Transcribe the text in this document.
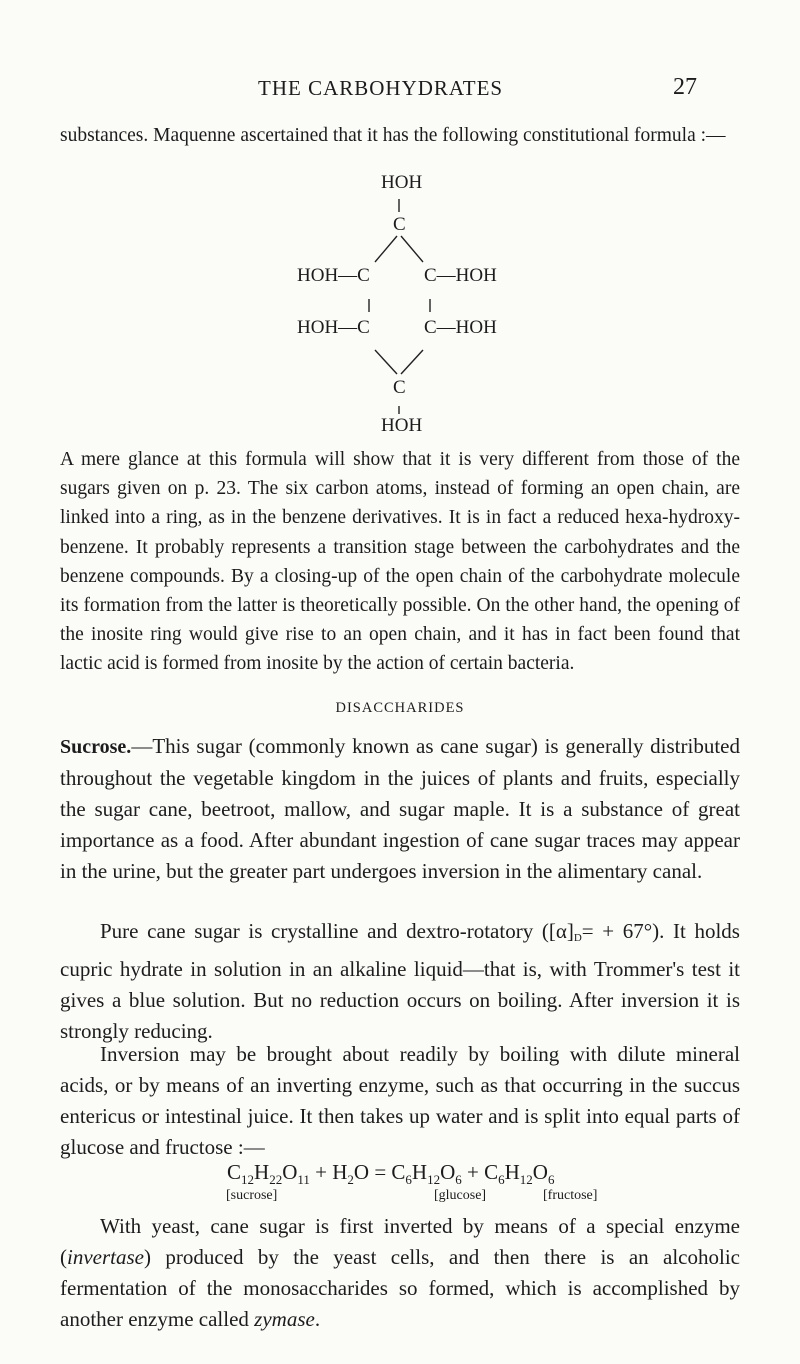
THE CARBOHYDRATES	27
substances. Maquenne ascertained that it has the following constitutional formula :—
HOH
C
HOH—C	C—HOH
HOH—C	C—HOH
C
HOH
A mere glance at this formula will show that it is very different from those of the sugars given on p. 23. The six carbon atoms, instead of forming an open chain, are linked into a ring, as in the benzene derivatives. It is in fact a reduced hexa-hydroxy-benzene. It probably represents a transition stage between the carbohydrates and the benzene compounds. By a closing-up of the open chain of the carbohydrate molecule its formation from the latter is theoretically possible. On the other hand, the opening of the inosite ring would give rise to an open chain, and it has in fact been found that lactic acid is formed from inosite by the action of certain bacteria.
DISACCHARIDES
Sucrose.—This sugar (commonly known as cane sugar) is generally distributed throughout the vegetable kingdom in the juices of plants and fruits, especially the sugar cane, beetroot, mallow, and sugar maple. It is a substance of great importance as a food. After abundant ingestion of cane sugar traces may appear in the urine, but the greater part undergoes inversion in the alimentary canal.
Pure cane sugar is crystalline and dextro-rotatory ([α]D= + 67°). It holds cupric hydrate in solution in an alkaline liquid—that is, with Trommer's test it gives a blue solution. But no reduction occurs on boiling. After inversion it is strongly reducing.
Inversion may be brought about readily by boiling with dilute mineral acids, or by means of an inverting enzyme, such as that occurring in the succus entericus or intestinal juice. It then takes up water and is split into equal parts of glucose and fructose :—
$C_{12}H_{22}O_{11} + H_2O = C_6H_{12}O_6 + C_6H_{12}O_6$
[sucrose]	[glucose]	[fructose]
With yeast, cane sugar is first inverted by means of a special enzyme (invertase) produced by the yeast cells, and then there is an alcoholic fermentation of the monosaccharides so formed, which is accomplished by another enzyme called zymase.
